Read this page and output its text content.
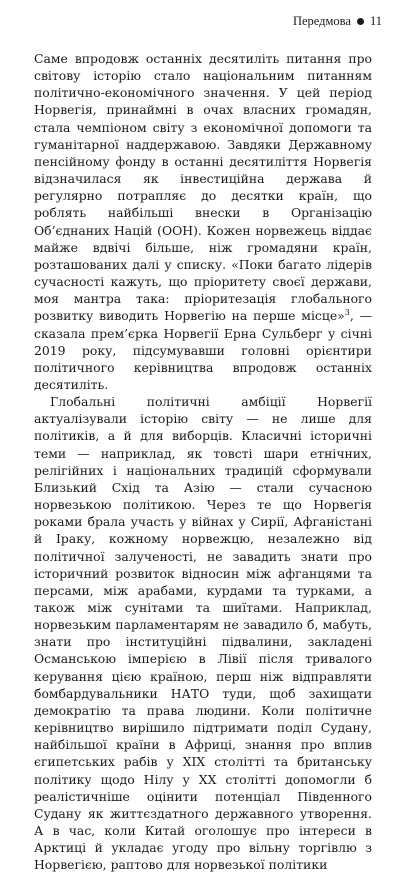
Передмова 11

Саме впродовж останніх десятиліть питання про світову історію стало національним питанням політично-економічного значення. У цей період Норвегія, принаймні в очах власних громадян, стала чемпіоном світу з економічної допомоги та гуманітарної наддержавою. Завдяки Державному пенсійному фонду в останні десятиліття Норвегія відзначилася як інвестиційна держава й регулярно потрапляє до десятки країн, що роблять найбільші внески в Організацію Об’єднаних Націй (ООН). Кожен норвежець віддає майже вдвічі більше, ніж громадяни країн, розташованих далі у списку. «Поки багато лідерів сучасності кажуть, що пріоритету своєї держави, моя мантра така: пріоритезація глобального розвитку виводить Норвегію на перше місце»$^3$, — сказала прем’єрка Норвегії Ерна Сульберг у січні 2019 року, підсумувавши головні орієнтири політичного керівництва впродовж останніх десятиліть.

Глобальні політичні амбіції Норвегії актуалізували історію світу — не лише для політиків, а й для виборців. Класичні історичні теми — наприклад, як товсті шари етнічних, релігійних і національних традицій сформували Близький Схід та Азію — стали сучасною норвезькою політикою. Через те що Норвегія роками брала участь у війнах у Сирії, Афганістані й Іраку, кожному норвежцю, незалежно від політичної залученості, не завадить знати про історичний розвиток відносин між афганцями та персами, між арабами, курдами та турками, а також між сунітами та шиїтами. Наприклад, норвезьким парламентарям не завадило б, мабуть, знати про інституційні підвалини, закладені Османською імперією в Лівії після тривалого керування цією країною, перш ніж відправляти бомбардувальники НАТО туди, щоб захищати демократію та права людини. Коли політичне керівництво вирішило підтримати поділ Судану, найбільшої країни в Африці, знання про вплив єгипетських рабів у XIX столітті та британську політику щодо Нілу у XX столітті допомогли б реалістичніше оцінити потенціал Південного Судану як життєздатного державного утворення. А в час, коли Китай оголошує про інтереси в Арктиці й укладає угоду про вільну торгівлю з Норвегією, раптово для норвезької політики
